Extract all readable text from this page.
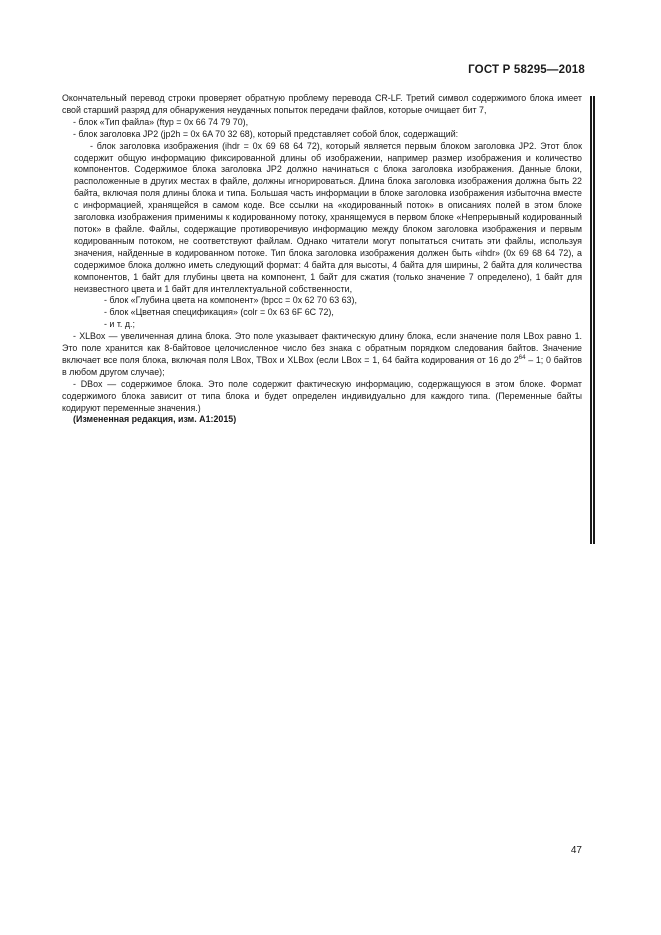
ГОСТ Р 58295—2018

Окончательный перевод строки проверяет обратную проблему перевода CR-LF. Третий символ содержимого блока имеет свой старший разряд для обнаружения неудачных попыток передачи файлов, которые очищает бит 7,

- блок «Тип файла» (ftyp = 0x 66 74 79 70),

- блок заголовка JP2 (jp2h = 0x 6A 70 32 68), который представляет собой блок, содержащий:

- блок заголовка изображения (ihdr = 0x 69 68 64 72), который является первым блоком заголовка JP2. Этот блок содержит общую информацию фиксированной длины об изображении, например размер изображения и количество компонентов. Содержимое блока заголовка JP2 должно начинаться с блока заголовка изображения. Данные блоки, расположенные в других местах в файле, должны игнорироваться. Длина блока заголовка изображения должна быть 22 байта, включая поля длины блока и типа. Большая часть информации в блоке заголовка изображения избыточна вместе с информацией, хранящейся в самом коде. Все ссылки на «кодированный поток» в описаниях полей в этом блоке заголовка изображения применимы к кодированному потоку, хранящемуся в первом блоке «Непрерывный кодированный поток» в файле. Файлы, содержащие противоречивую информацию между блоком заголовка изображения и первым кодированным потоком, не соответствуют файлам. Однако читатели могут попытаться считать эти файлы, используя значения, найденные в кодированном потоке. Тип блока заголовка изображения должен быть «ihdr» (0x 69 68 64 72), а содержимое блока должно иметь следующий формат: 4 байта для высоты, 4 байта для ширины, 2 байта для количества компонентов, 1 байт для глубины цвета на компонент, 1 байт для сжатия (только значение 7 определено), 1 байт для неизвестного цвета и 1 байт для интеллектуальной собственности,

- блок «Глубина цвета на компонент» (bpcc = 0x 62 70 63 63),

- блок «Цветная спецификация» (colr = 0x 63 6F 6C 72),

- и т. д.;

- XLBox — увеличенная длина блока. Это поле указывает фактическую длину блока, если значение поля LBox равно 1. Это поле хранится как 8-байтовое целочисленное число без знака с обратным порядком следования байтов. Значение включает все поля блока, включая поля LBox, TBox и XLBox (если LBox = 1, 64 байта кодирования от 16 до $2^{64} - 1$; 0 байтов в любом другом случае);

- DBox — содержимое блока. Это поле содержит фактическую информацию, содержащуюся в этом блоке. Формат содержимого блока зависит от типа блока и будет определен индивидуально для каждого типа. (Переменные байты кодируют переменные значения.)

(Измененная редакция, изм. А1:2015)

47
